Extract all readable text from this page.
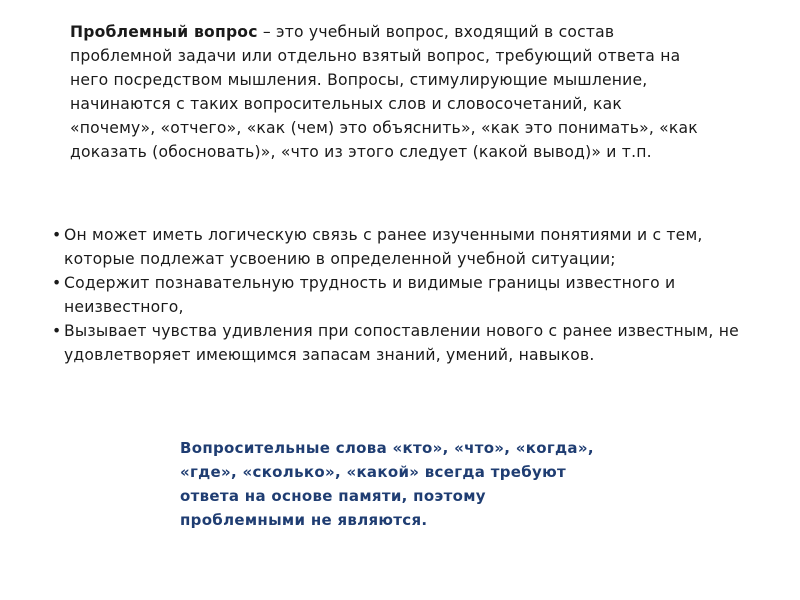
Проблемный вопрос – это учебный вопрос, входящий в состав проблемной задачи или отдельно взятый вопрос, требующий ответа на него посредством мышления. Вопросы, стимулирующие мышление, начинаются с таких вопросительных слов и словосочетаний, как «почему», «отчего», «как (чем) это объяснить», «как это понимать», «как доказать (обосновать)», «что из этого следует (какой вывод)» и т.п.

• Он может иметь логическую связь с ранее изученными понятиями и с тем, которые подлежат усвоению в определенной учебной ситуации;
• Содержит познавательную трудность и видимые границы известного и неизвестного,
• Вызывает чувства удивления при сопоставлении нового с ранее известным, не удовлетворяет имеющимся запасам знаний, умений, навыков.

Вопросительные слова «кто», «что», «когда», «где», «сколько», «какой» всегда требуют ответа на основе памяти, поэтому проблемными не являются.
